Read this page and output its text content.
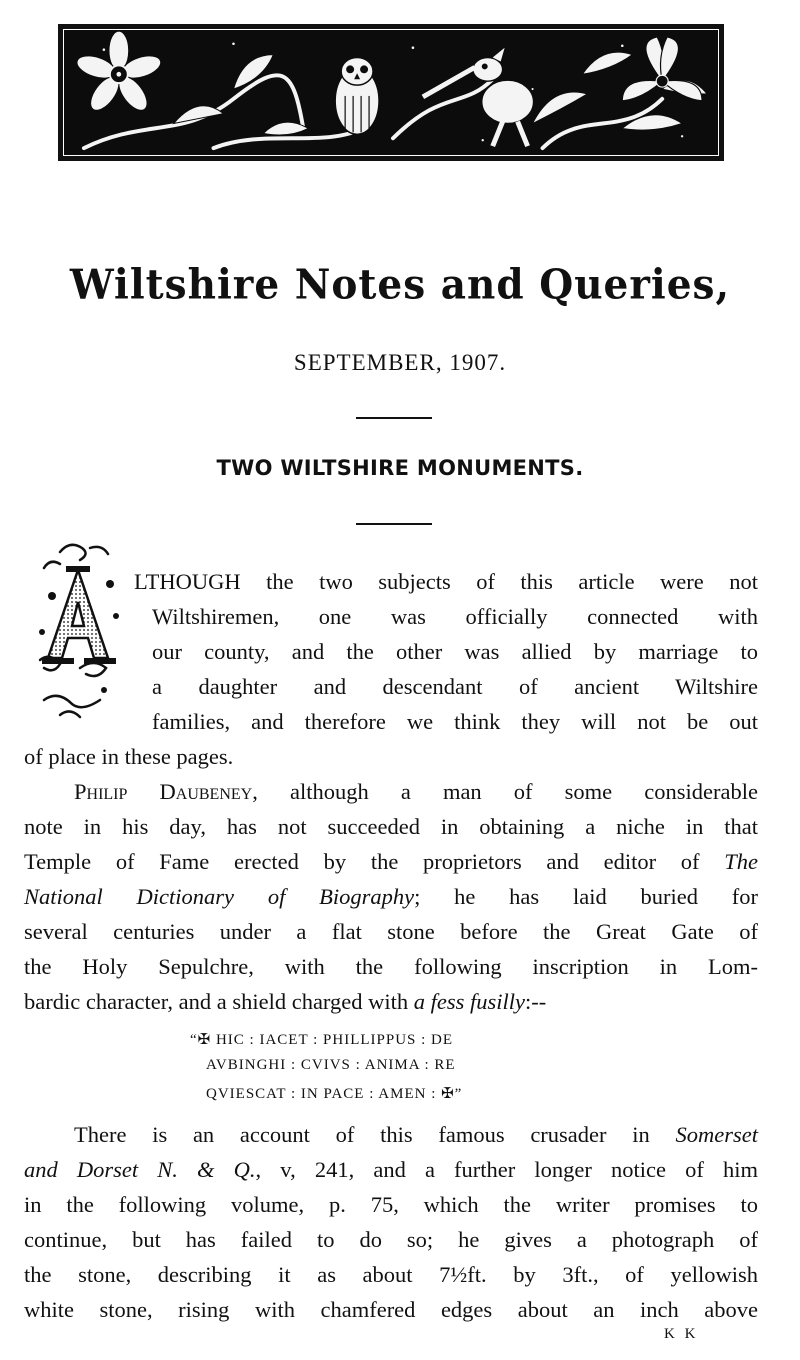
Wiltshire Notes and Queries,
SEPTEMBER, 1907.
TWO WILTSHIRE MONUMENTS.
LTHOUGH the two subjects of this article were not
Wiltshiremen, one was officially connected with
our county, and the other was allied by marriage to
a daughter and descendant of ancient Wiltshire
families, and therefore we think they will not be out
of place in these pages.
Philip Daubeney, although a man of some considerable
note in his day, has not succeeded in obtaining a niche in that
Temple of Fame erected by the proprietors and editor of The
National Dictionary of Biography; he has laid buried for
several centuries under a flat stone before the Great Gate of
the Holy Sepulchre, with the following inscription in Lom-
bardic character, and a shield charged with a fess fusilly:--
“✠ HIC : IACET : PHILLIPPUS : DE
AVBINGHI : CVIVS : ANIMA : RE
QVIESCAT : IN PACE : AMEN : ✠”
There is an account of this famous crusader in Somerset
and Dorset N. & Q., v, 241, and a further longer notice of him
in the following volume, p. 75, which the writer promises to
continue, but has failed to do so; he gives a photograph of
the stone, describing it as about 7½ft. by 3ft., of yellowish
white stone, rising with chamfered edges about an inch above
K K
